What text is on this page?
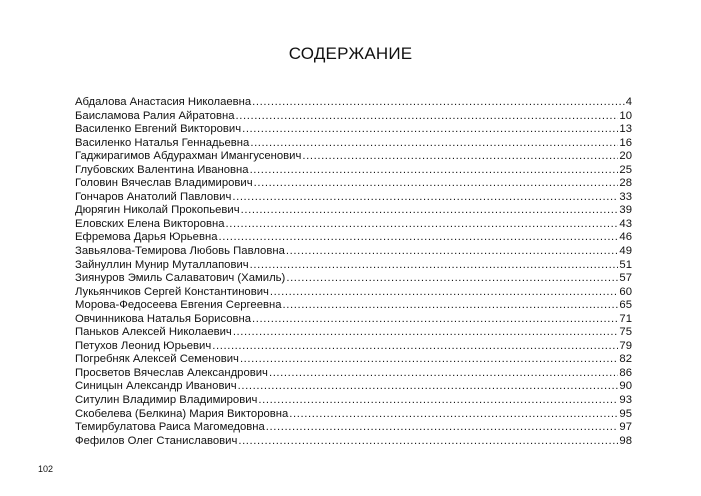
СОДЕРЖАНИЕ
Абдалова Анастасия Николаевна .....	4
Баисламова Ралия Айратовна .....	10
Василенко Евгений Викторович .....	13
Василенко Наталья Геннадьевна .....	16
Гаджирагимов Абдурахман Имангусенович .....	20
Глубовских Валентина Ивановна .....	25
Головин Вячеслав Владимирович .....	28
Гончаров Анатолий Павлович .....	33
Дюрягин Николай Прокопьевич .....	39
Еловских Елена Викторовна .....	43
Ефремова Дарья Юрьевна .....	46
Завьялова-Темирова Любовь Павловна .....	49
Зайнуллин Мунир Муталлапович .....	51
Зиянуров Эмиль Салаватович (Хамиль) .....	57
Лукьянчиков Сергей Константинович .....	60
Морова-Федосеева Евгения Сергеевна .....	65
Овчинникова Наталья Борисовна .....	71
Паньков Алексей Николаевич .....	75
Петухов Леонид Юрьевич .....	79
Погребняк Алексей Семенович .....	82
Просветов Вячеслав Александрович .....	86
Синицын Александр Иванович .....	90
Ситулин Владимир Владимирович .....	93
Скобелева (Белкина) Мария Викторовна .....	95
Темирбулатова Раиса Магомедовна .....	97
Фефилов Олег Станиславович .....	98
102
